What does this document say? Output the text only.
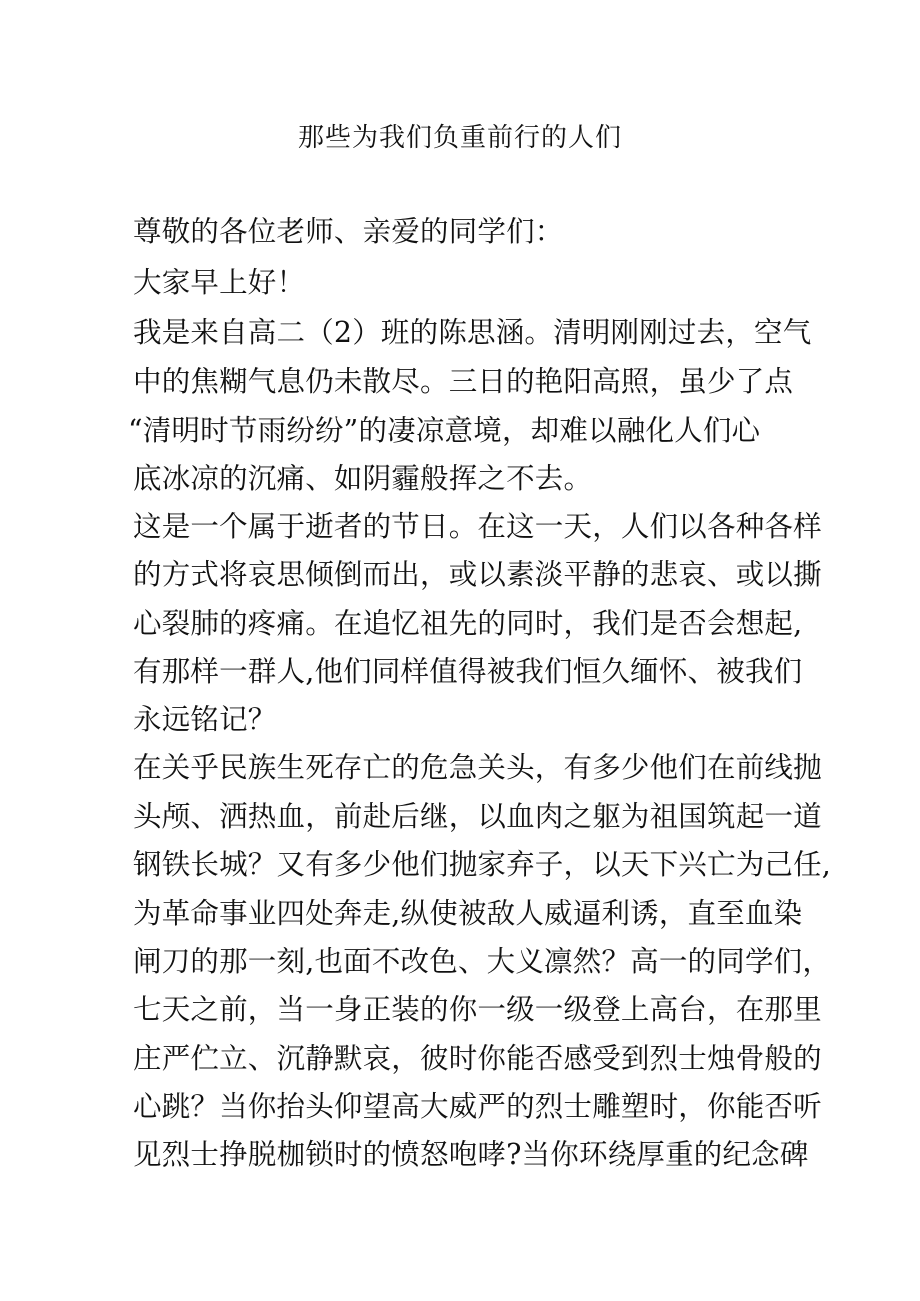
那些为我们负重前行的人们
尊敬的各位老师、亲爱的同学们：
大家早上好！
我是来自高二（2）班的陈思涵。清明刚刚过去，空气
中的焦糊气息仍未散尽。三日的艳阳高照，虽少了点
“清明时节雨纷纷”的凄凉意境，却难以融化人们心
底冰凉的沉痛、如阴霾般挥之不去。
这是一个属于逝者的节日。在这一天，人们以各种各样
的方式将哀思倾倒而出，或以素淡平静的悲哀、或以撕
心裂肺的疼痛。在追忆祖先的同时，我们是否会想起,
有那样一群人,他们同样值得被我们恒久缅怀、被我们
永远铭记？
在关乎民族生死存亡的危急关头，有多少他们在前线抛
头颅、洒热血，前赴后继，以血肉之躯为祖国筑起一道
钢铁长城？又有多少他们抛家弃子，以天下兴亡为己任,
为革命事业四处奔走,纵使被敌人威逼利诱，直至血染
闸刀的那一刻,也面不改色、大义凛然？高一的同学们，
七天之前，当一身正装的你一级一级登上高台，在那里
庄严伫立、沉静默哀，彼时你能否感受到烈士烛骨般的
心跳？当你抬头仰望高大威严的烈士雕塑时，你能否听
见烈士挣脱枷锁时的愤怒咆哮?当你环绕厚重的纪念碑
